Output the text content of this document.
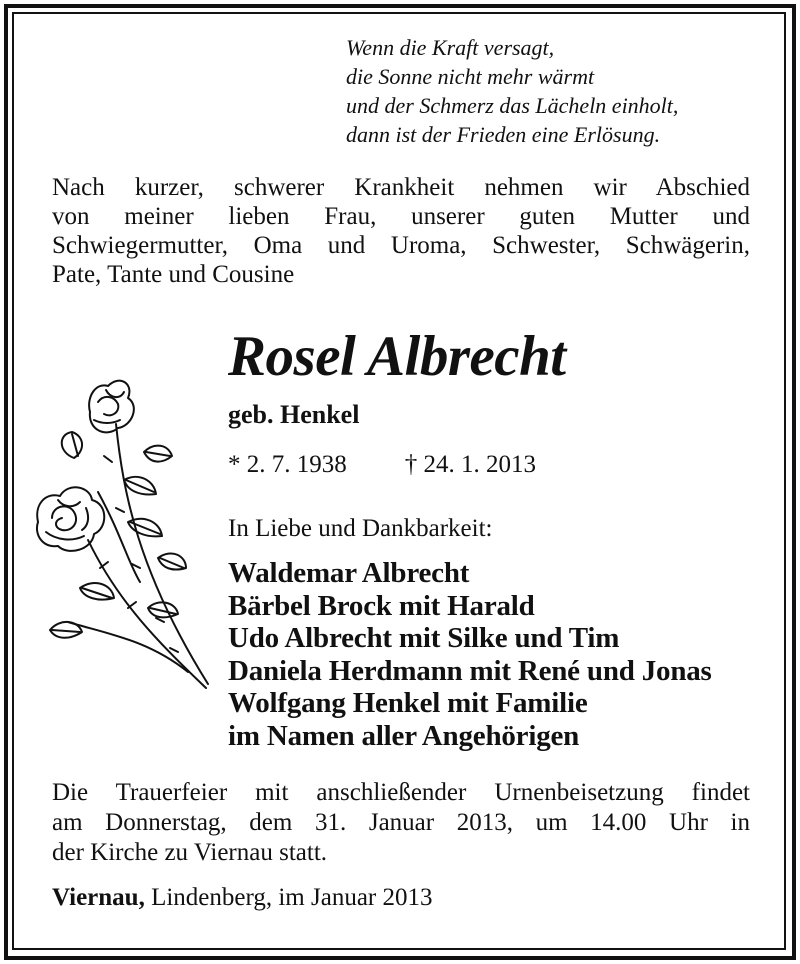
Wenn die Kraft versagt,
die Sonne nicht mehr wärmt
und der Schmerz das Lächeln einholt,
dann ist der Frieden eine Erlösung.
Nach kurzer, schwerer Krankheit nehmen wir Abschied
von meiner lieben Frau, unserer guten Mutter und
Schwiegermutter, Oma und Uroma, Schwester, Schwägerin,
Pate, Tante und Cousine
Rosel Albrecht
geb. Henkel
* 2. 7. 1938 † 24. 1. 2013
In Liebe und Dankbarkeit:
Waldemar Albrecht
Bärbel Brock mit Harald
Udo Albrecht mit Silke und Tim
Daniela Herdmann mit René und Jonas
Wolfgang Henkel mit Familie
im Namen aller Angehörigen
Die Trauerfeier mit anschließender Urnenbeisetzung findet
am Donnerstag, dem 31. Januar 2013, um 14.00 Uhr in
der Kirche zu Viernau statt.
Viernau, Lindenberg, im Januar 2013
